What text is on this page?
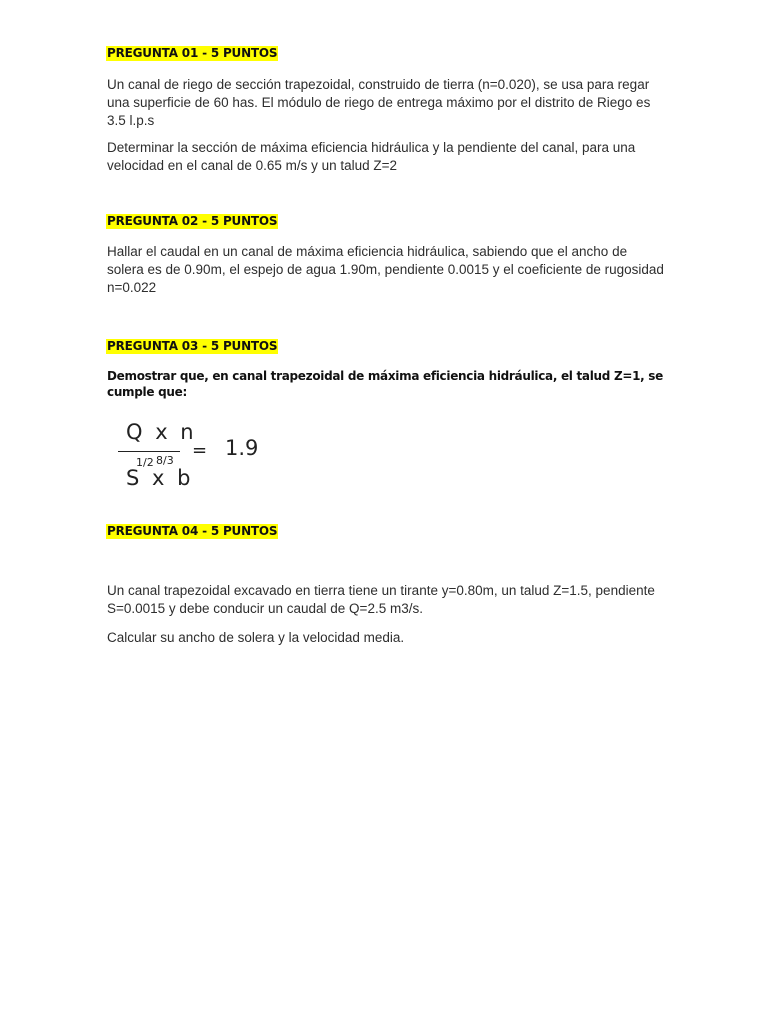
PREGUNTA 01 - 5 PUNTOS
Un canal de riego de sección trapezoidal, construido de tierra (n=0.020), se usa para regar una superficie de 60 has. El módulo de riego de entrega máximo por el distrito de Riego es 3.5 l.p.s
Determinar la sección de máxima eficiencia hidráulica y la pendiente del canal, para una velocidad en el canal de 0.65 m/s y un talud Z=2
PREGUNTA 02 - 5 PUNTOS
Hallar el caudal en un canal de máxima eficiencia hidráulica, sabiendo que el ancho de solera es de 0.90m, el espejo de agua 1.90m, pendiente 0.0015 y el coeficiente de rugosidad n=0.022
PREGUNTA 03 - 5 PUNTOS
Demostrar que, en canal trapezoidal de máxima eficiencia hidráulica, el talud Z=1, se cumple que:
Q x n
1/2 8/3
S x b
= 1.9
PREGUNTA 04 - 5 PUNTOS
Un canal trapezoidal excavado en tierra tiene un tirante y=0.80m, un talud Z=1.5, pendiente S=0.0015 y debe conducir un caudal de Q=2.5 m3/s.
Calcular su ancho de solera y la velocidad media.
